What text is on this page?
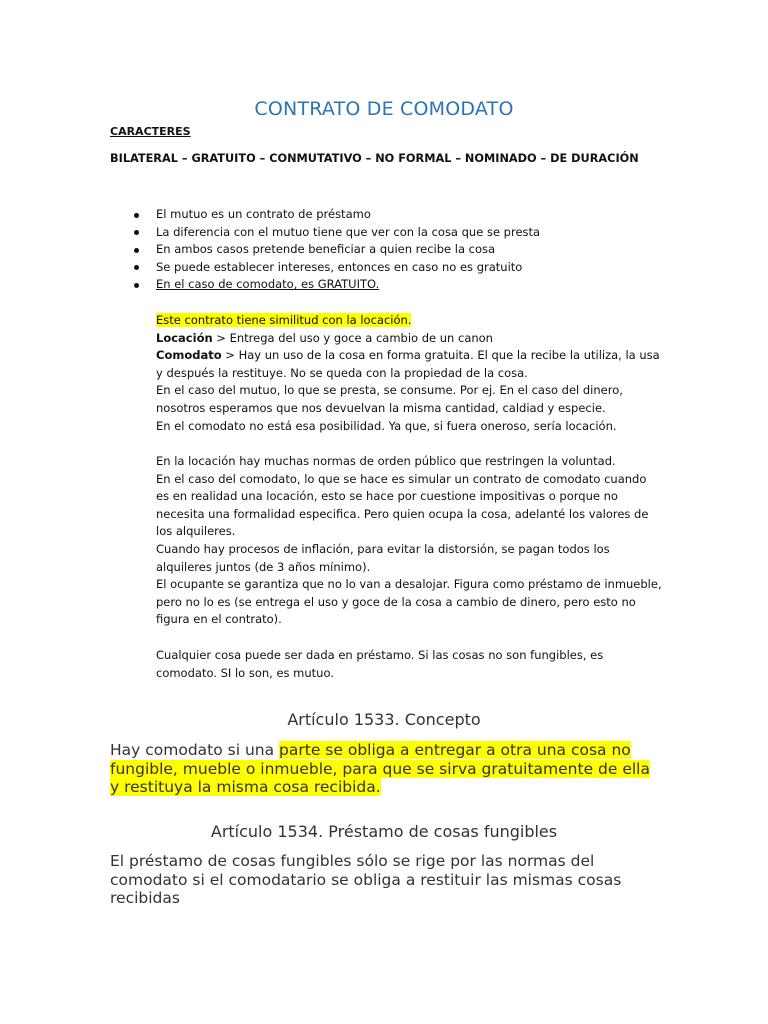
CONTRATO DE COMODATO
CARACTERES
BILATERAL – GRATUITO – CONMUTATIVO – NO FORMAL – NOMINADO – DE DURACIÓN
El mutuo es un contrato de préstamo
La diferencia con el mutuo tiene que ver con la cosa que se presta
En ambos casos pretende beneficiar a quien recibe la cosa
Se puede establecer intereses, entonces en caso no es gratuito
En el caso de comodato, es GRATUITO.

Este contrato tiene similitud con la locación.

Locación > Entrega del uso y goce a cambio de un canon

Comodato > Hay un uso de la cosa en forma gratuita. El que la recibe la utiliza, la usa y después la restituye. No se queda con la propiedad de la cosa.

En el caso del mutuo, lo que se presta, se consume. Por ej. En el caso del dinero, nosotros esperamos que nos devuelvan la misma cantidad, caldiad y especie.

En el comodato no está esa posibilidad. Ya que, si fuera oneroso, sería locación.

En la locación hay muchas normas de orden público que restringen la voluntad.

En el caso del comodato, lo que se hace es simular un contrato de comodato cuando es en realidad una locación, esto se hace por cuestione impositivas o porque no necesita una formalidad especifica. Pero quien ocupa la cosa, adelanté los valores de los alquileres.

Cuando hay procesos de inflación, para evitar la distorsión, se pagan todos los alquileres juntos (de 3 años mínimo).

El ocupante se garantiza que no lo van a desalojar. Figura como préstamo de inmueble, pero no lo es (se entrega el uso y goce de la cosa a cambio de dinero, pero esto no figura en el contrato).

Cualquier cosa puede ser dada en préstamo. Si las cosas no son fungibles, es comodato. SI lo son, es mutuo.

Artículo 1533. Concepto
Hay comodato si una parte se obliga a entregar a otra una cosa no fungible, mueble o inmueble, para que se sirva gratuitamente de ella y restituya la misma cosa recibida.
Artículo 1534. Préstamo de cosas fungibles
El préstamo de cosas fungibles sólo se rige por las normas del comodato si el comodatario se obliga a restituir las mismas cosas recibidas
